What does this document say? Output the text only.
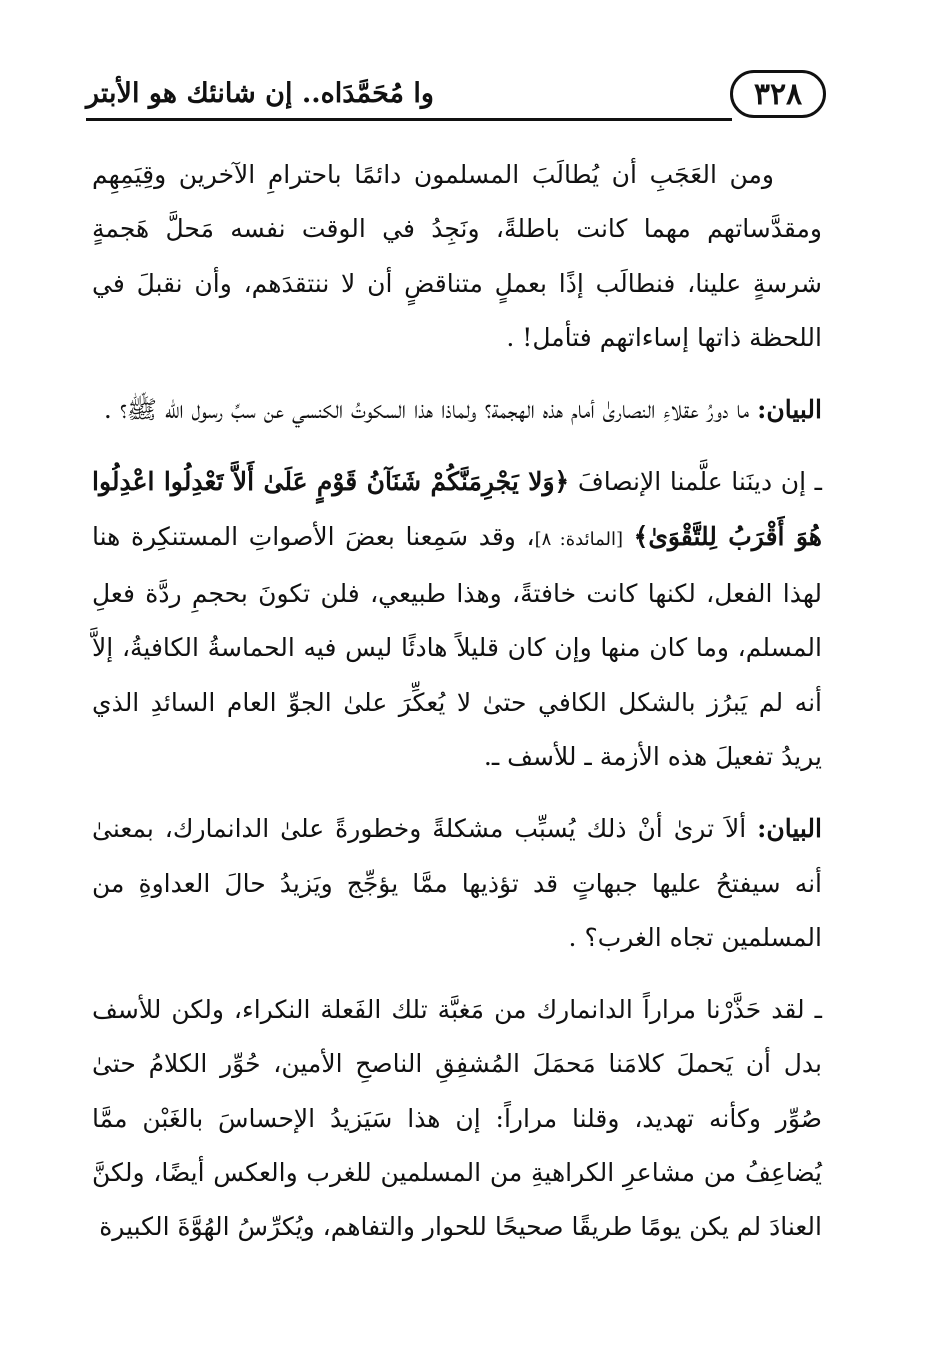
٣٢٨
وا مُحَمَّدَاه.. إن شانئك هو الأبتر

ومن العَجَبِ أن يُطالَبَ المسلمون دائمًا باحترامِ الآخرين وقِيَمِهِم ومقدَّساتهم مهما كانت باطلةً، ونَجِدُ في الوقت نفسه مَحلَّ هَجمةٍ شرسةٍ علينا، فنطالَب إذًا بعملٍ متناقضٍ أن لا ننتقدَهم، وأن نقبلَ في اللحظة ذاتها إساءاتهم فتأمل! .

البيان: ما دورُ عقلاءِ النصارىٰ أمام هذه الهجمة؟ ولماذا هذا السكوتُ الكنسي عن سبِّ رسول اللّه ﷺ؟ .

ـ إن دينَنا علَّمنا الإنصافَ ﴿وَلا يَجْرِمَنَّكُمْ شَنَآنُ قَوْمٍ عَلَىٰ أَلاَّ تَعْدِلُوا اعْدِلُوا هُوَ أَقْرَبُ لِلتَّقْوَىٰ﴾ [المائدة: ٨]، وقد سَمِعنا بعضَ الأصواتِ المستنكِرة هنا لهذا الفعل، لكنها كانت خافتةً، وهذا طبيعي، فلن تكونَ بحجمِ ردَّة فعلِ المسلم، وما كان منها وإن كان قليلاً هادئًا ليس فيه الحماسةُ الكافيةُ، إلاَّ أنه لم يَبرُز بالشكل الكافي حتىٰ لا يُعكِّرَ علىٰ الجوِّ العام السائدِ الذي يريدُ تفعيلَ هذه الأزمة ـ للأسف ـ.

البيان: ألاَ ترىٰ أنْ ذلك يُسبِّب مشكلةً وخطورةً علىٰ الدانمارك، بمعنىٰ أنه سيفتحُ عليها جبهاتٍ قد تؤذيها ممَّا يؤجِّج ويَزيدُ حالَ العداوةِ من المسلمين تجاه الغرب؟ .

ـ لقد حَذَّرْنا مراراً الدانمارك من مَغبَّة تلك الفَعلة النكراء، ولكن للأسف بدل أن يَحملَ كلامَنا مَحمَلَ المُشفِقِ الناصحِ الأمين، حُوِّر الكلامُ حتىٰ صُوِّر وكأنه تهديد، وقلنا مراراً: إن هذا سَيَزيدُ الإحساسَ بالغَبْن ممَّا يُضاعِفُ من مشاعرِ الكراهيةِ من المسلمين للغرب والعكس أيضًا، ولكنَّ العنادَ لم يكن يومًا طريقًا صحيحًا للحوار والتفاهم، ويُكرِّسُ الهُوَّةَ الكبيرة
